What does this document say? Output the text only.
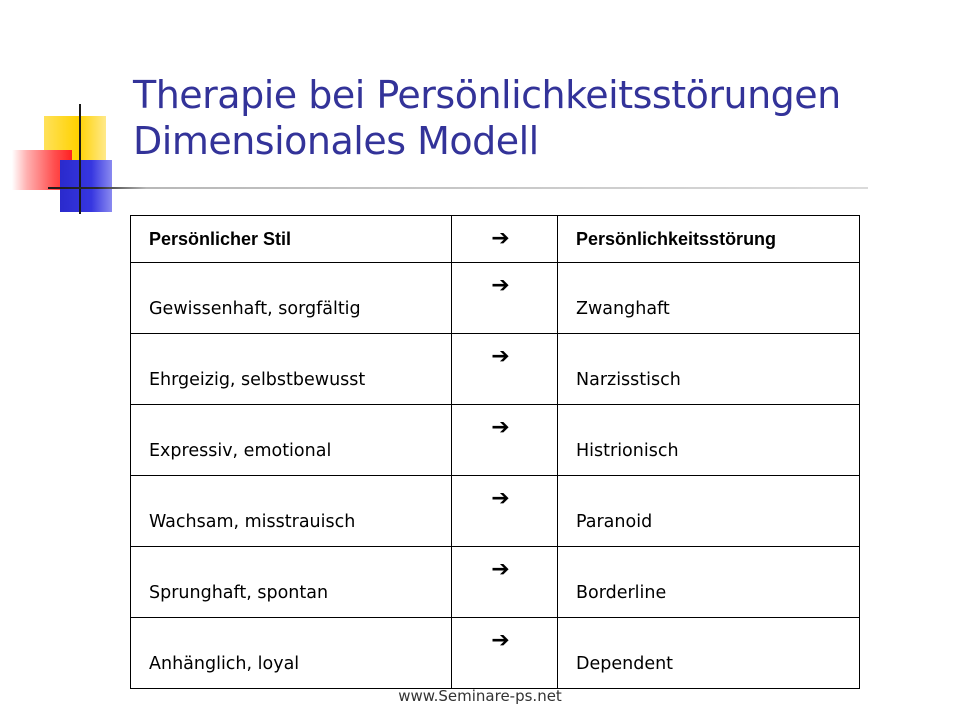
Therapie bei Persönlichkeitsstörungen
Dimensionales Modell
Persönlicher Stil	➔	Persönlichkeitsstörung
Gewissenhaft, sorgfältig	➔	Zwanghaft
Ehrgeizig, selbstbewusst	➔	Narzisstisch
Expressiv, emotional	➔	Histrionisch
Wachsam, misstrauisch	➔	Paranoid
Sprunghaft, spontan	➔	Borderline
Anhänglich, loyal	➔	Dependent
www.Seminare-ps.net
